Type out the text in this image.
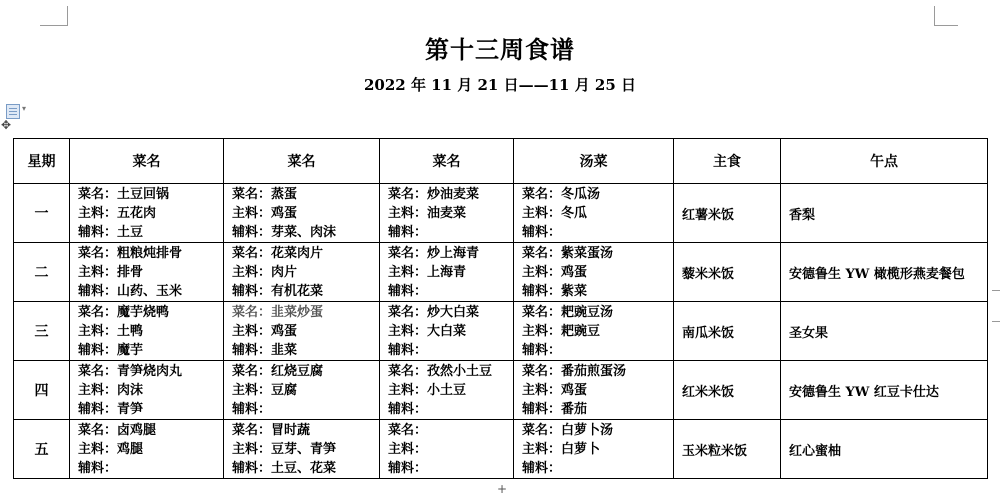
第十三周食谱
2022 年 11 月 21 日——11 月 25 日
▾
✥
星期	菜名	菜名	菜名	汤菜	主食	午点
一	菜名：土豆回锅
主料：五花肉
辅料：土豆	菜名：蒸蛋
主料：鸡蛋
辅料：芽菜、肉沫	菜名：炒油麦菜
主料：油麦菜
辅料：	菜名：冬瓜汤
主料：冬瓜
辅料：	红薯米饭	香梨
二	菜名：粗粮炖排骨
主料：排骨
辅料：山药、玉米	菜名：花菜肉片
主料：肉片
辅料：有机花菜	菜名：炒上海青
主料：上海青
辅料：	菜名：紫菜蛋汤
主料：鸡蛋
辅料：紫菜	藜米米饭	安德鲁生 YW 橄榄形燕麦餐包
三	菜名：魔芋烧鸭
主料：土鸭
辅料：魔芋	菜名：韭菜炒蛋
主料：鸡蛋
辅料：韭菜	菜名：炒大白菜
主料：大白菜
辅料：	菜名：耙豌豆汤
主料：耙豌豆
辅料：	南瓜米饭	圣女果
四	菜名：青笋烧肉丸
主料：肉沫
辅料：青笋	菜名：红烧豆腐
主料：豆腐
辅料：	菜名：孜然小土豆
主料：小土豆
辅料：	菜名：番茄煎蛋汤
主料：鸡蛋
辅料：番茄	红米米饭	安德鲁生 YW 红豆卡仕达
五	菜名：卤鸡腿
主料：鸡腿
辅料：	菜名：冒时蔬
主料：豆芽、青笋
辅料：土豆、花菜	菜名：
主料：
辅料：	菜名：白萝卜汤
主料：白萝卜
辅料：	玉米粒米饭	红心蜜柚
+
